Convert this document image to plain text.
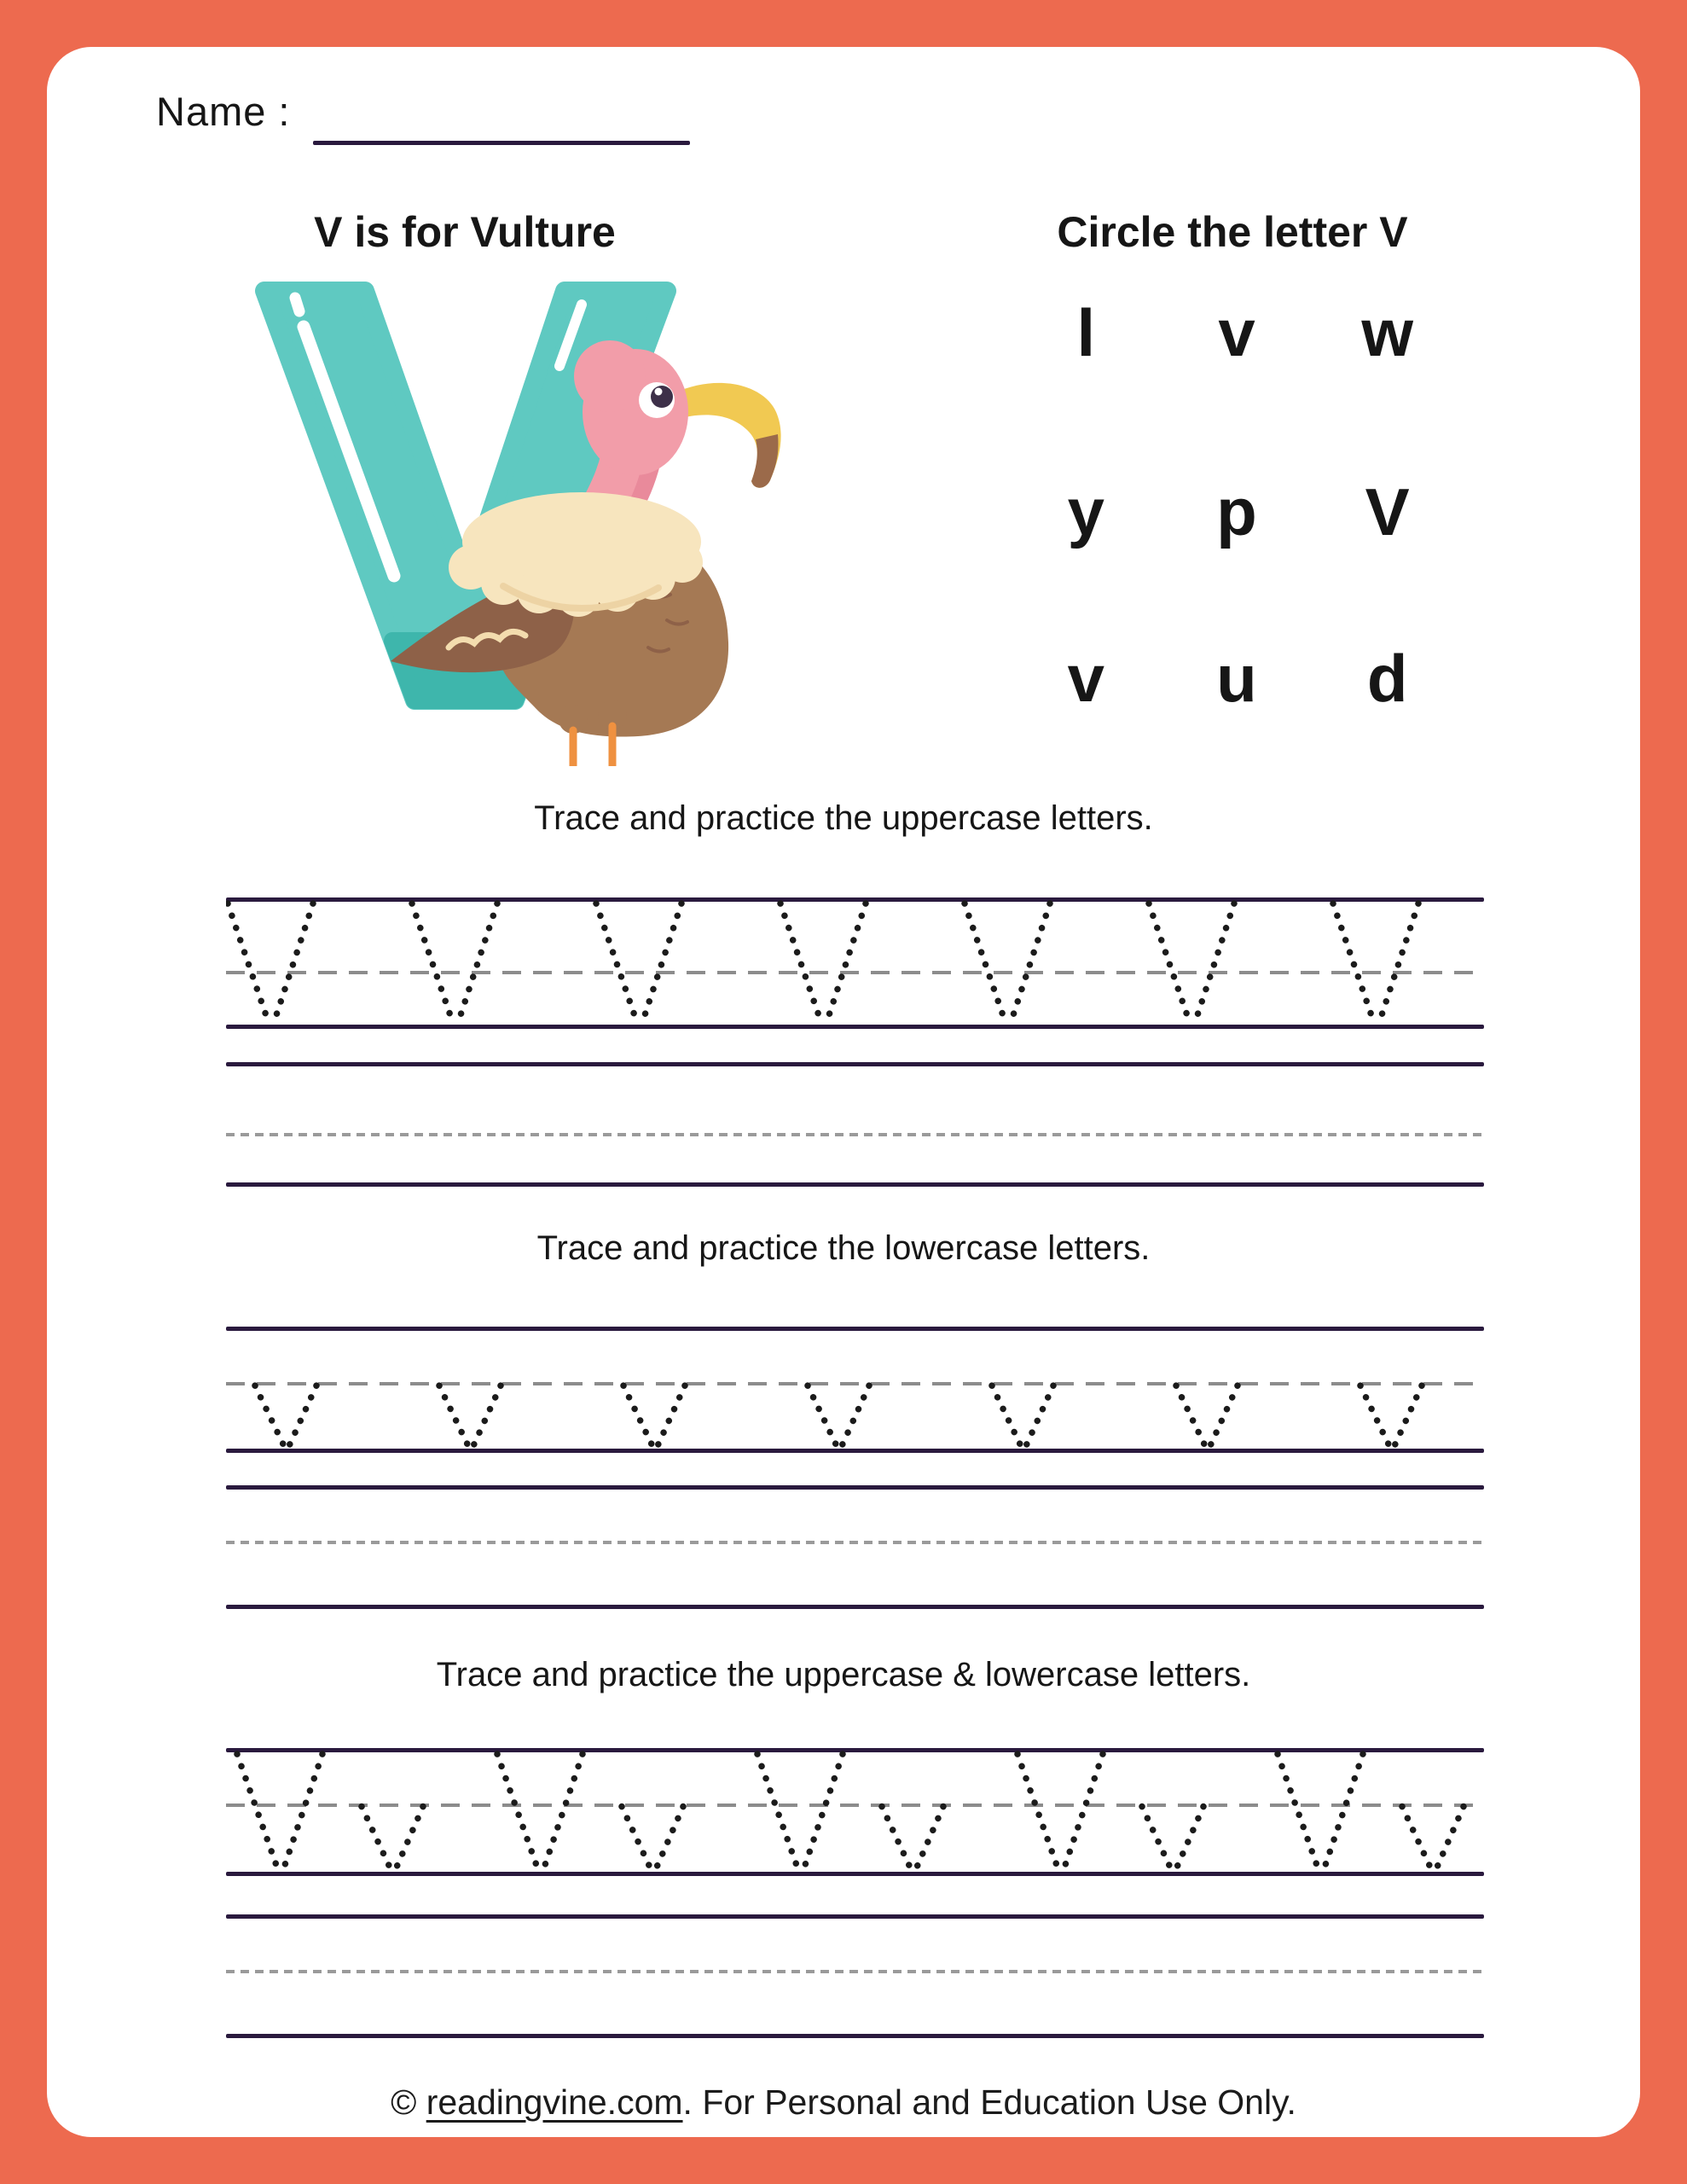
Name :
V is for Vulture	Circle the letter V
l	v	w
y	p	V
v	u	d
Trace and practice the uppercase letters.
Trace and practice the lowercase letters.
Trace and practice the uppercase & lowercase letters.
© readingvine.com. For Personal and Education Use Only.
